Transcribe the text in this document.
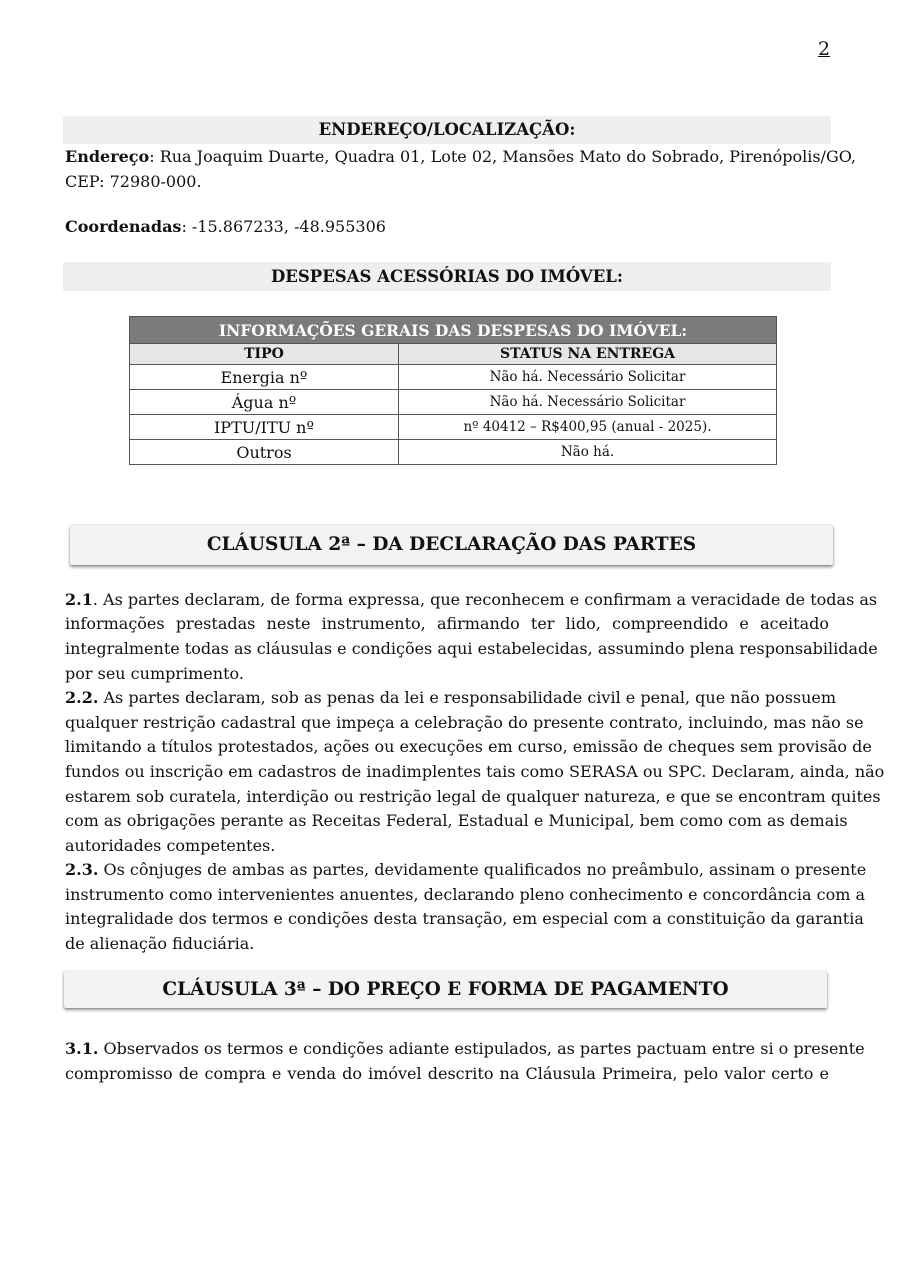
2
ENDEREÇO/LOCALIZAÇÃO:
Endereço: Rua Joaquim Duarte, Quadra 01, Lote 02, Mansões Mato do Sobrado, Pirenópolis/GO,
CEP: 72980-000.
Coordenadas: -15.867233, -48.955306
DESPESAS ACESSÓRIAS DO IMÓVEL:
INFORMAÇÕES GERAIS DAS DESPESAS DO IMÓVEL:	
TIPO	STATUS NA ENTREGA
Energia nº	Não há. Necessário Solicitar
Água nº	Não há. Necessário Solicitar
IPTU/ITU nº	nº 40412 – R$400,95 (anual - 2025).
Outros	Não há.
CLÁUSULA 2ª – DA DECLARAÇÃO DAS PARTES
2.1. As partes declaram, de forma expressa, que reconhecem e confirmam a veracidade de todas as
informações prestadas neste instrumento, afirmando ter lido, compreendido e aceitado
integralmente todas as cláusulas e condições aqui estabelecidas, assumindo plena responsabilidade
por seu cumprimento.
2.2. As partes declaram, sob as penas da lei e responsabilidade civil e penal, que não possuem
qualquer restrição cadastral que impeça a celebração do presente contrato, incluindo, mas não se
limitando a títulos protestados, ações ou execuções em curso, emissão de cheques sem provisão de
fundos ou inscrição em cadastros de inadimplentes tais como SERASA ou SPC. Declaram, ainda, não
estarem sob curatela, interdição ou restrição legal de qualquer natureza, e que se encontram quites
com as obrigações perante as Receitas Federal, Estadual e Municipal, bem como com as demais
autoridades competentes.
2.3. Os cônjuges de ambas as partes, devidamente qualificados no preâmbulo, assinam o presente
instrumento como intervenientes anuentes, declarando pleno conhecimento e concordância com a
integralidade dos termos e condições desta transação, em especial com a constituição da garantia
de alienação fiduciária.
CLÁUSULA 3ª – DO PREÇO E FORMA DE PAGAMENTO
3.1. Observados os termos e condições adiante estipulados, as partes pactuam entre si o presente
compromisso de compra e venda do imóvel descrito na Cláusula Primeira, pelo valor certo e
